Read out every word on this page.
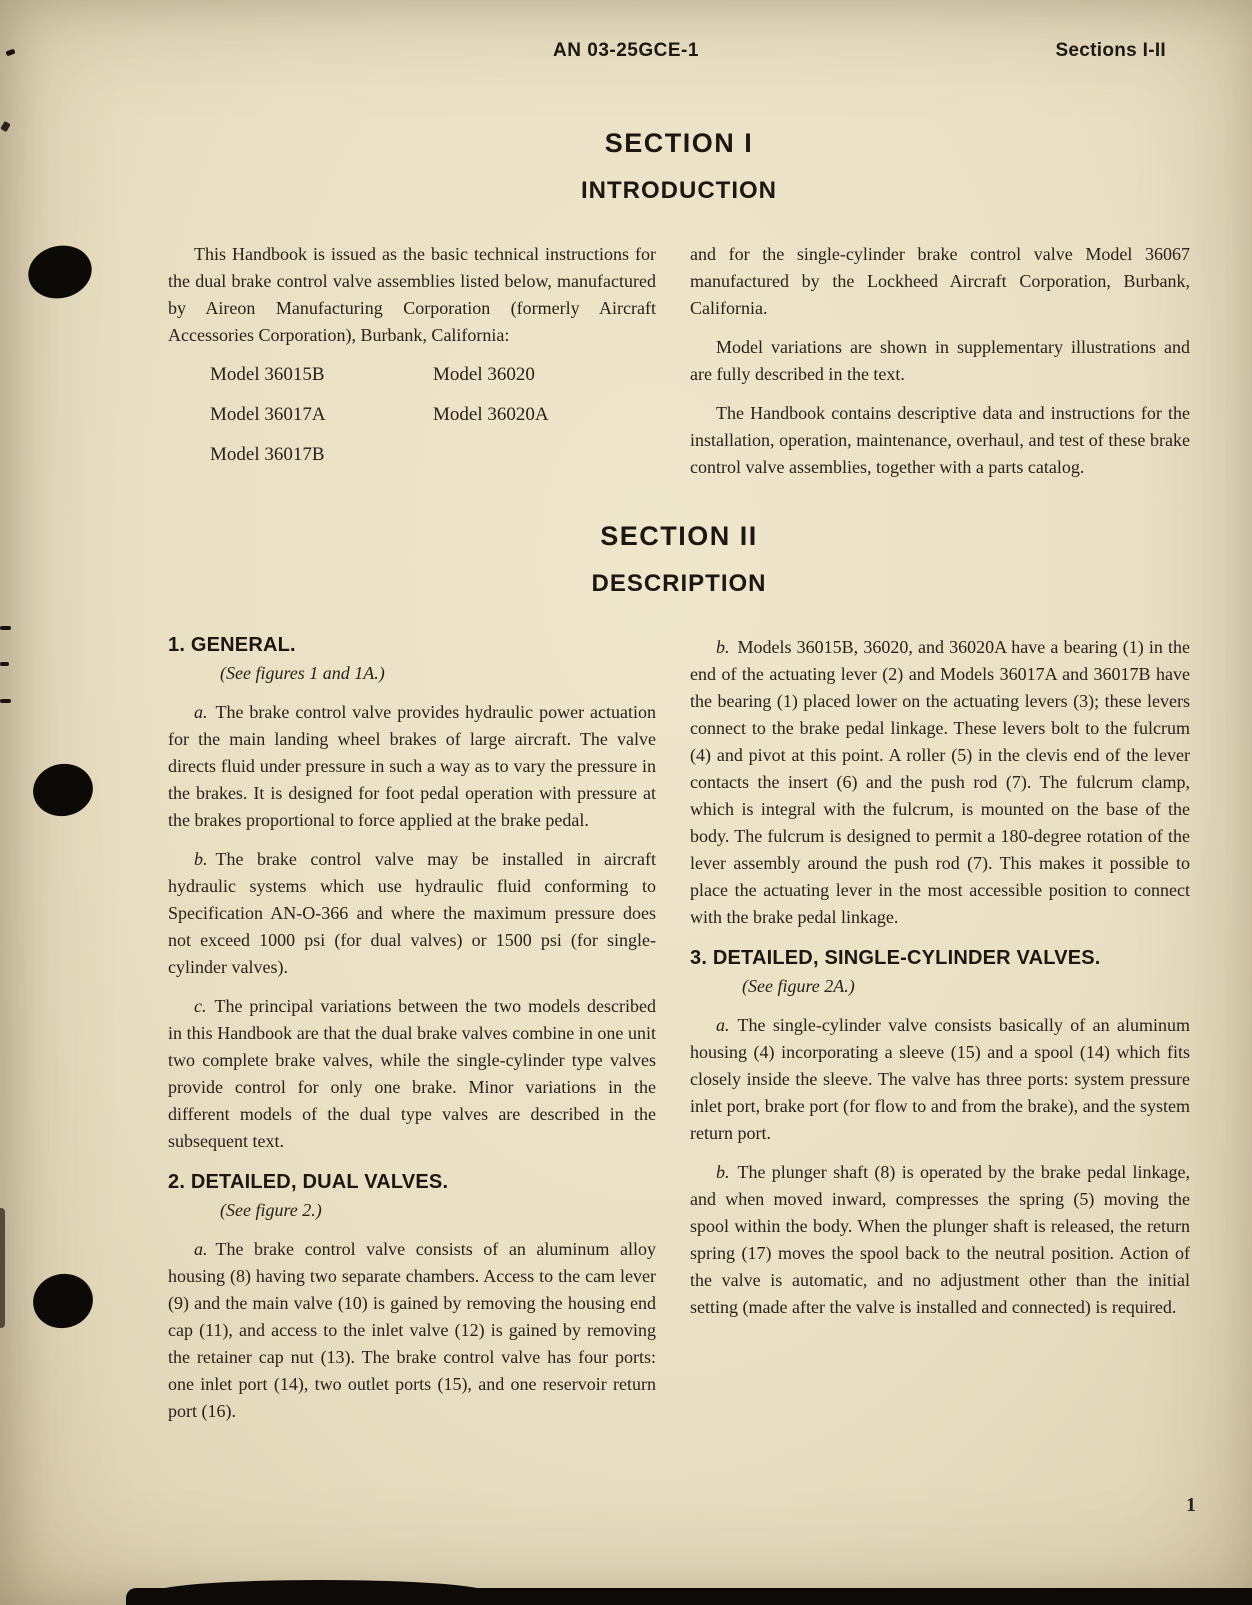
AN 03-25GCE-1	Sections I-II
SECTION I
INTRODUCTION

This Handbook is issued as the basic technical instructions for the dual brake control valve assemblies listed below, manufactured by Aireon Manufacturing Corporation (formerly Aircraft Accessories Corporation), Burbank, California:

Model 36015B
Model 36017A
Model 36017B
Model 36020
Model 36020A

and for the single-cylinder brake control valve Model 36067 manufactured by the Lockheed Aircraft Corporation, Burbank, California.

Model variations are shown in supplementary illustrations and are fully described in the text.

The Handbook contains descriptive data and instructions for the installation, operation, maintenance, overhaul, and test of these brake control valve assemblies, together with a parts catalog.

SECTION II
DESCRIPTION
1. GENERAL.
(See figures 1 and 1A.)

a. The brake control valve provides hydraulic power actuation for the main landing wheel brakes of large aircraft. The valve directs fluid under pressure in such a way as to vary the pressure in the brakes. It is designed for foot pedal operation with pressure at the brakes proportional to force applied at the brake pedal.

b. The brake control valve may be installed in aircraft hydraulic systems which use hydraulic fluid conforming to Specification AN-O-366 and where the maximum pressure does not exceed 1000 psi (for dual valves) or 1500 psi (for single-cylinder valves).

c. The principal variations between the two models described in this Handbook are that the dual brake valves combine in one unit two complete brake valves, while the single-cylinder type valves provide control for only one brake. Minor variations in the different models of the dual type valves are described in the subsequent text.

2. DETAILED, DUAL VALVES.
(See figure 2.)

a. The brake control valve consists of an aluminum alloy housing (8) having two separate chambers. Access to the cam lever (9) and the main valve (10) is gained by removing the housing end cap (11), and access to the inlet valve (12) is gained by removing the retainer cap nut (13). The brake control valve has four ports: one inlet port (14), two outlet ports (15), and one reservoir return port (16).

b. Models 36015B, 36020, and 36020A have a bearing (1) in the end of the actuating lever (2) and Models 36017A and 36017B have the bearing (1) placed lower on the actuating levers (3); these levers connect to the brake pedal linkage. These levers bolt to the fulcrum (4) and pivot at this point. A roller (5) in the clevis end of the lever contacts the insert (6) and the push rod (7). The fulcrum clamp, which is integral with the fulcrum, is mounted on the base of the body. The fulcrum is designed to permit a 180-degree rotation of the lever assembly around the push rod (7). This makes it possible to place the actuating lever in the most accessible position to connect with the brake pedal linkage.

3. DETAILED, SINGLE-CYLINDER VALVES.
(See figure 2A.)

a. The single-cylinder valve consists basically of an aluminum housing (4) incorporating a sleeve (15) and a spool (14) which fits closely inside the sleeve. The valve has three ports: system pressure inlet port, brake port (for flow to and from the brake), and the system return port.

b. The plunger shaft (8) is operated by the brake pedal linkage, and when moved inward, compresses the spring (5) moving the spool within the body. When the plunger shaft is released, the return spring (17) moves the spool back to the neutral position. Action of the valve is automatic, and no adjustment other than the initial setting (made after the valve is installed and connected) is required.

1
